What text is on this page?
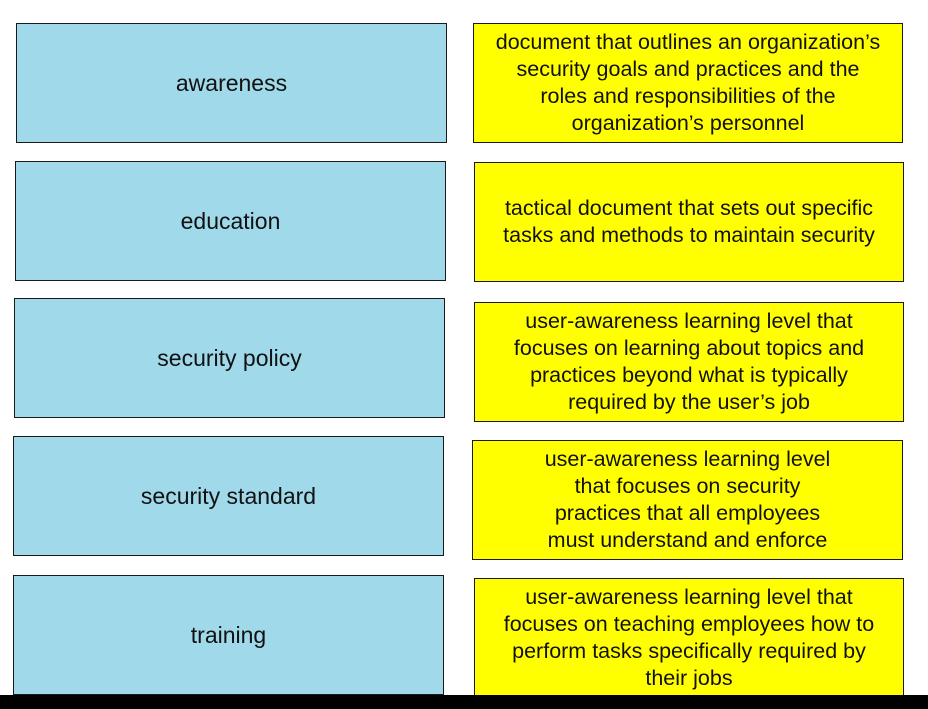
awareness
education
security policy
security standard
training
document that outlines an organization’s
security goals and practices and the
roles and responsibilities of the
organization’s personnel
tactical document that sets out specific
tasks and methods to maintain security
user-awareness learning level that
focuses on learning about topics and
practices beyond what is typically
required by the user’s job
user-awareness learning level
that focuses on security
practices that all employees
must understand and enforce
user-awareness learning level that
focuses on teaching employees how to
perform tasks specifically required by
their jobs
